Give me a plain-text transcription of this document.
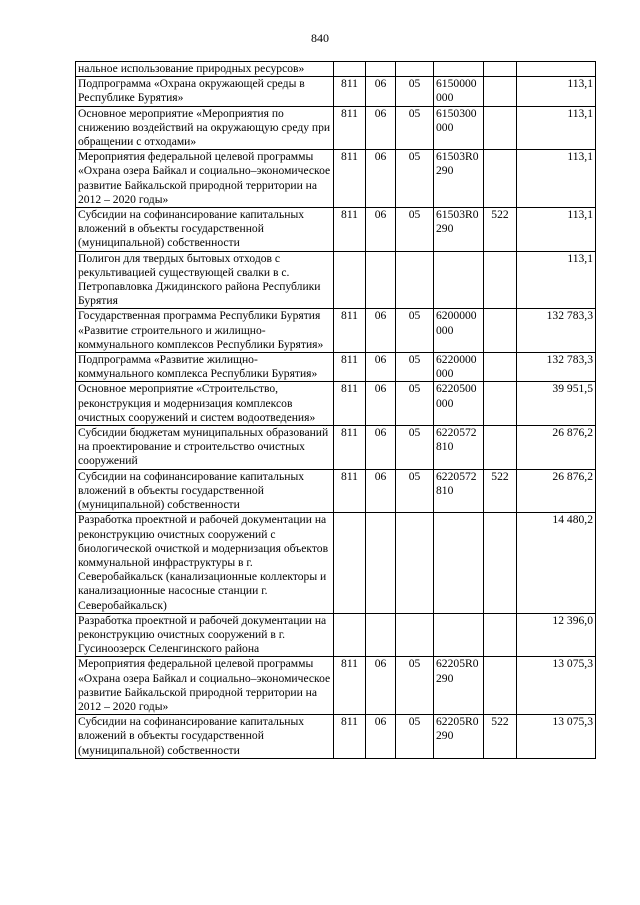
840
нальное использование природных ресурсов»						
Подпрограмма «Охрана окружающей среды в Республике Бурятия»	811	06	05	6150000 000		113,1
Основное мероприятие «Мероприятия по снижению воздействий на окружающую среду при обращении с отходами»	811	06	05	6150300 000		113,1
Мероприятия федеральной целевой программы «Охрана озера Байкал и социально–экономическое развитие Байкальской природной территории на 2012 – 2020 годы»	811	06	05	61503R0 290		113,1
Субсидии на софинансирование капитальных вложений в объекты государственной (муниципальной) собственности	811	06	05	61503R0 290	522	113,1
Полигон для твердых бытовых отходов с рекультивацией существующей свалки в с. Петропавловка Джидинского района Республики Бурятия						113,1
Государственная программа Республики Бурятия «Развитие строительного и жилищно-коммунального комплексов Республики Бурятия»	811	06	05	6200000 000		132 783,3
Подпрограмма «Развитие жилищно-коммунального комплекса Республики Бурятия»	811	06	05	6220000 000		132 783,3
Основное мероприятие «Строительство, реконструкция и модернизация комплексов очистных сооружений и систем водоотведения»	811	06	05	6220500 000		39 951,5
Субсидии бюджетам муниципальных образований на проектирование и строительство очистных сооружений	811	06	05	6220572 810		26 876,2
Субсидии на софинансирование капитальных вложений в объекты государственной (муниципальной) собственности	811	06	05	6220572 810	522	26 876,2
Разработка проектной и рабочей документации на реконструкцию очистных сооружений с биологической очисткой и модернизация объектов коммунальной инфраструктуры в г. Северобайкальск (канализационные коллекторы и канализационные насосные станции г. Северобайкальск)						14 480,2
Разработка проектной и рабочей документации на реконструкцию очистных сооружений в г. Гусиноозерск Селенгинского района						12 396,0
Мероприятия федеральной целевой программы «Охрана озера Байкал и социально–экономическое развитие Байкальской природной территории на 2012 – 2020 годы»	811	06	05	62205R0 290		13 075,3
Субсидии на софинансирование капитальных вложений в объекты государственной (муниципальной) собственности	811	06	05	62205R0 290	522	13 075,3
